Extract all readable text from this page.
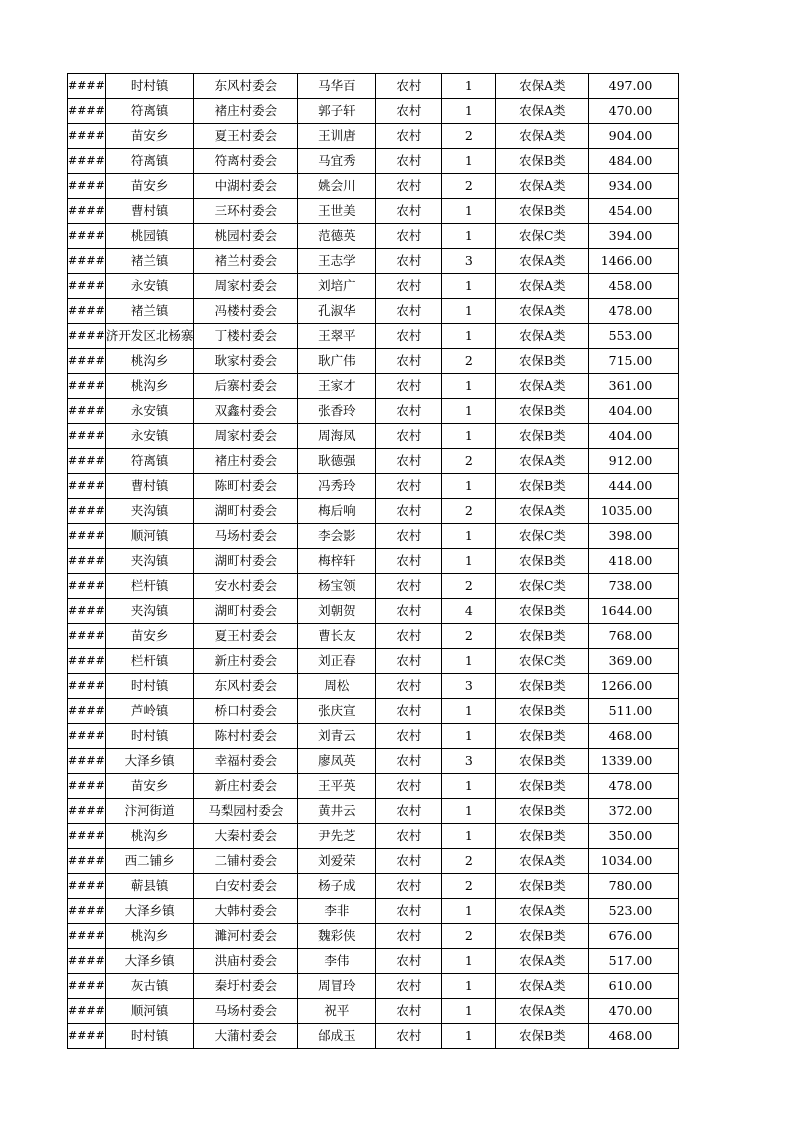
####	时村镇	东风村委会	马华百	农村	1	农保A类	497.00
####	符离镇	褚庄村委会	郭子轩	农村	1	农保A类	470.00
####	苗安乡	夏王村委会	王训唐	农村	2	农保A类	904.00
####	符离镇	符离村委会	马宜秀	农村	1	农保B类	484.00
####	苗安乡	中湖村委会	姚会川	农村	2	农保A类	934.00
####	曹村镇	三环村委会	王世美	农村	1	农保B类	454.00
####	桃园镇	桃园村委会	范德英	农村	1	农保C类	394.00
####	褚兰镇	褚兰村委会	王志学	农村	3	农保A类	1466.00
####	永安镇	周家村委会	刘培广	农村	1	农保A类	458.00
####	褚兰镇	冯楼村委会	孔淑华	农村	1	农保A类	478.00
####	济开发区北杨寨	丁楼村委会	王翠平	农村	1	农保A类	553.00
####	桃沟乡	耿家村委会	耿广伟	农村	2	农保B类	715.00
####	桃沟乡	后寨村委会	王家才	农村	1	农保A类	361.00
####	永安镇	双鑫村委会	张香玲	农村	1	农保B类	404.00
####	永安镇	周家村委会	周海凤	农村	1	农保B类	404.00
####	符离镇	褚庄村委会	耿德强	农村	2	农保A类	912.00
####	曹村镇	陈町村委会	冯秀玲	农村	1	农保B类	444.00
####	夹沟镇	湖町村委会	梅后响	农村	2	农保A类	1035.00
####	顺河镇	马场村委会	李会影	农村	1	农保C类	398.00
####	夹沟镇	湖町村委会	梅梓轩	农村	1	农保B类	418.00
####	栏杆镇	安水村委会	杨宝领	农村	2	农保C类	738.00
####	夹沟镇	湖町村委会	刘朝贺	农村	4	农保B类	1644.00
####	苗安乡	夏王村委会	曹长友	农村	2	农保B类	768.00
####	栏杆镇	新庄村委会	刘正春	农村	1	农保C类	369.00
####	时村镇	东风村委会	周松	农村	3	农保B类	1266.00
####	芦岭镇	桥口村委会	张庆宣	农村	1	农保B类	511.00
####	时村镇	陈村村委会	刘青云	农村	1	农保B类	468.00
####	大泽乡镇	幸福村委会	廖凤英	农村	3	农保B类	1339.00
####	苗安乡	新庄村委会	王平英	农村	1	农保B类	478.00
####	汴河街道	马梨园村委会	黄井云	农村	1	农保B类	372.00
####	桃沟乡	大秦村委会	尹先芝	农村	1	农保B类	350.00
####	西二铺乡	二铺村委会	刘爱荣	农村	2	农保A类	1034.00
####	蕲县镇	白安村委会	杨子成	农村	2	农保B类	780.00
####	大泽乡镇	大韩村委会	李非	农村	1	农保A类	523.00
####	桃沟乡	濉河村委会	魏彩侠	农村	2	农保B类	676.00
####	大泽乡镇	洪庙村委会	李伟	农村	1	农保A类	517.00
####	灰古镇	秦圩村委会	周冒玲	农村	1	农保A类	610.00
####	顺河镇	马场村委会	祝平	农村	1	农保A类	470.00
####	时村镇	大蒲村委会	邰成玉	农村	1	农保B类	468.00
